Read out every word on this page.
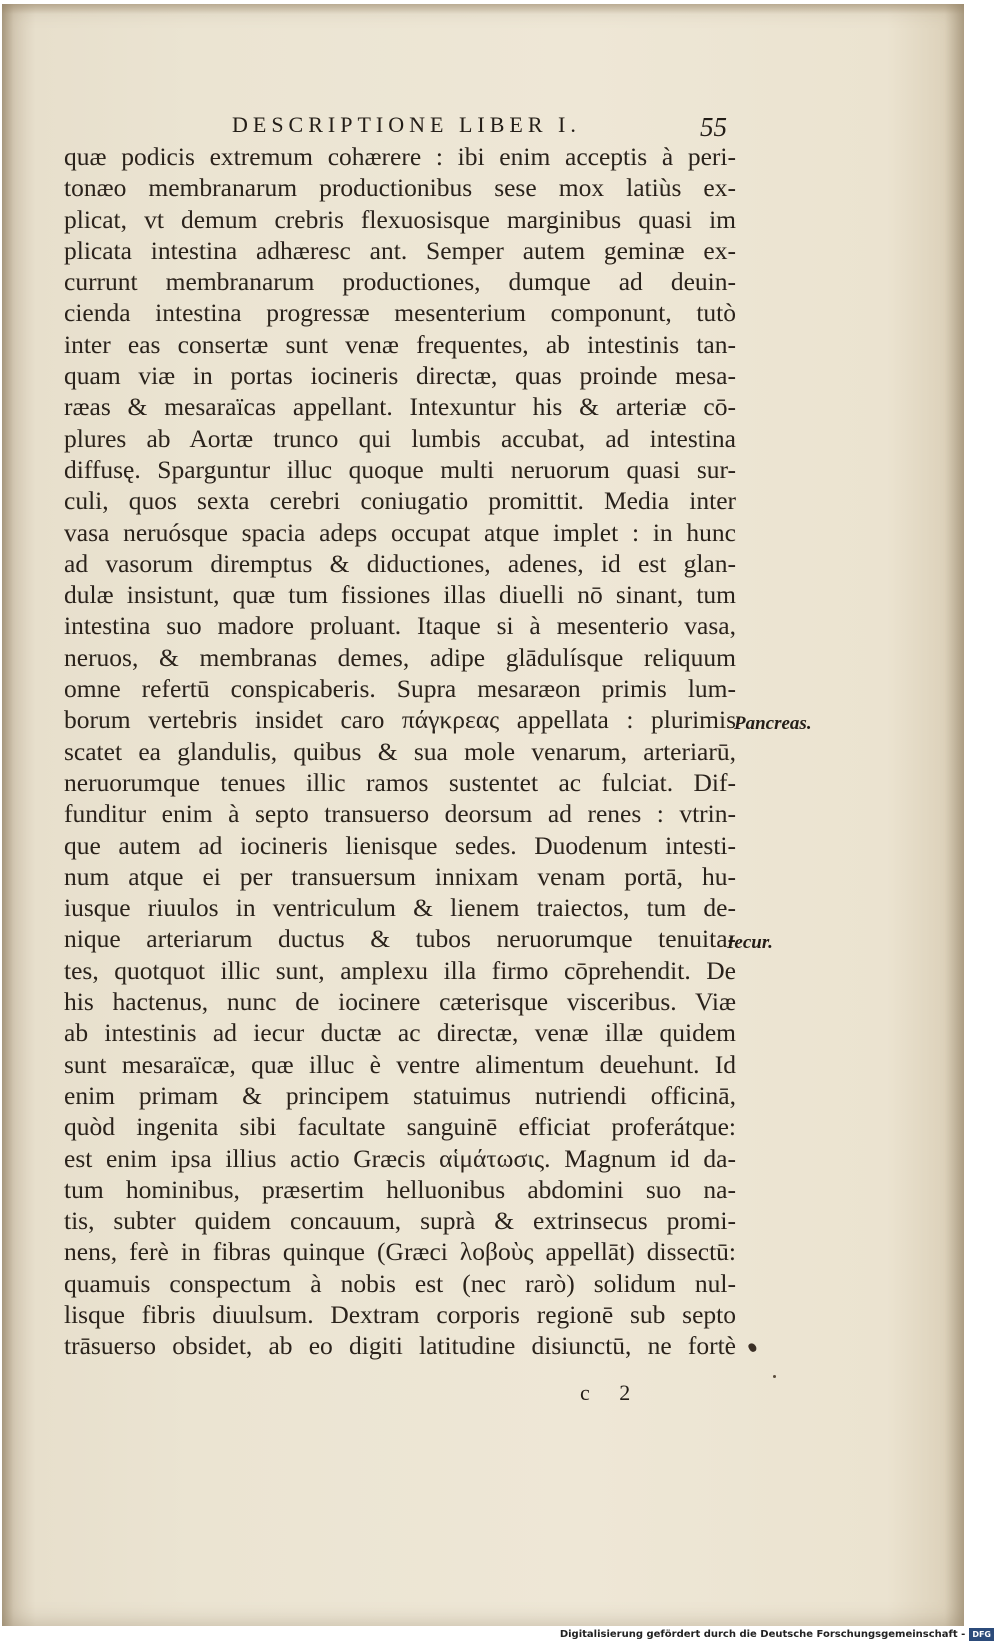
DESCRIPTIONE LIBER I.	55
quæ podicis extremum cohærere : ibi enim acceptis à peri-
tonæo membranarum productionibus sese mox latiùs ex-
plicat, vt demum crebris flexuosisque marginibus quasi im
plicata intestina adhæresc ant. Semper autem geminæ ex-
currunt membranarum productiones, dumque ad deuin-
cienda intestina progressæ mesenterium componunt, tutò
inter eas consertæ sunt venæ frequentes, ab intestinis tan-
quam viæ in portas iocineris directæ, quas proinde mesa-
ræas & mesaraïcas appellant. Intexuntur his & arteriæ cō-
plures ab Aortæ trunco qui lumbis accubat, ad intestina
diffusę. Sparguntur illuc quoque multi neruorum quasi sur-
culi, quos sexta cerebri coniugatio promittit. Media inter
vasa neruósque spacia adeps occupat atque implet : in hunc
ad vasorum diremptus & diductiones, adenes, id est glan-
dulæ insistunt, quæ tum fissiones illas diuelli nō sinant, tum
intestina suo madore proluant. Itaque si à mesenterio vasa,
neruos, & membranas demes, adipe glādulísque reliquum
omne refertū conspicaberis. Supra mesaræon primis lum-
borum vertebris insidet caro πάγκρεας appellata : plurimis
scatet ea glandulis, quibus & sua mole venarum, arteriarū,
neruorumque tenues illic ramos sustentet ac fulciat. Dif-
funditur enim à septo transuerso deorsum ad renes : vtrin-
que autem ad iocineris lienisque sedes. Duodenum intesti-
num atque ei per transuersum innixam venam portā, hu-
iusque riuulos in ventriculum & lienem traiectos, tum de-
nique arteriarum ductus & tubos neruorumque tenuita-
tes, quotquot illic sunt, amplexu illa firmo cōprehendit. De
his hactenus, nunc de iocinere cæterisque visceribus. Viæ
ab intestinis ad iecur ductæ ac directæ, venæ illæ quidem
sunt mesaraïcæ, quæ illuc è ventre alimentum deuehunt. Id
enim primam & principem statuimus nutriendi officinā,
quòd ingenita sibi facultate sanguinē efficiat proferátque:
est enim ipsa illius actio Græcis αἱμάτωσις. Magnum id da-
tum hominibus, præsertim helluonibus abdomini suo na-
tis, subter quidem concauum, suprà & extrinsecus promi-
nens, ferè in fibras quinque (Græci λοβοὺς appellāt) dissectū:
quamuis conspectum à nobis est (nec rarò) solidum nul-
lisque fibris diuulsum. Dextram corporis regionē sub septo
trāsuerso obsidet, ab eo digiti latitudine disiunctū, ne fortè
Pancreas.
Iecur.
c 2
Digitalisierung gefördert durch die Deutsche Forschungsgemeinschaft - DFG
